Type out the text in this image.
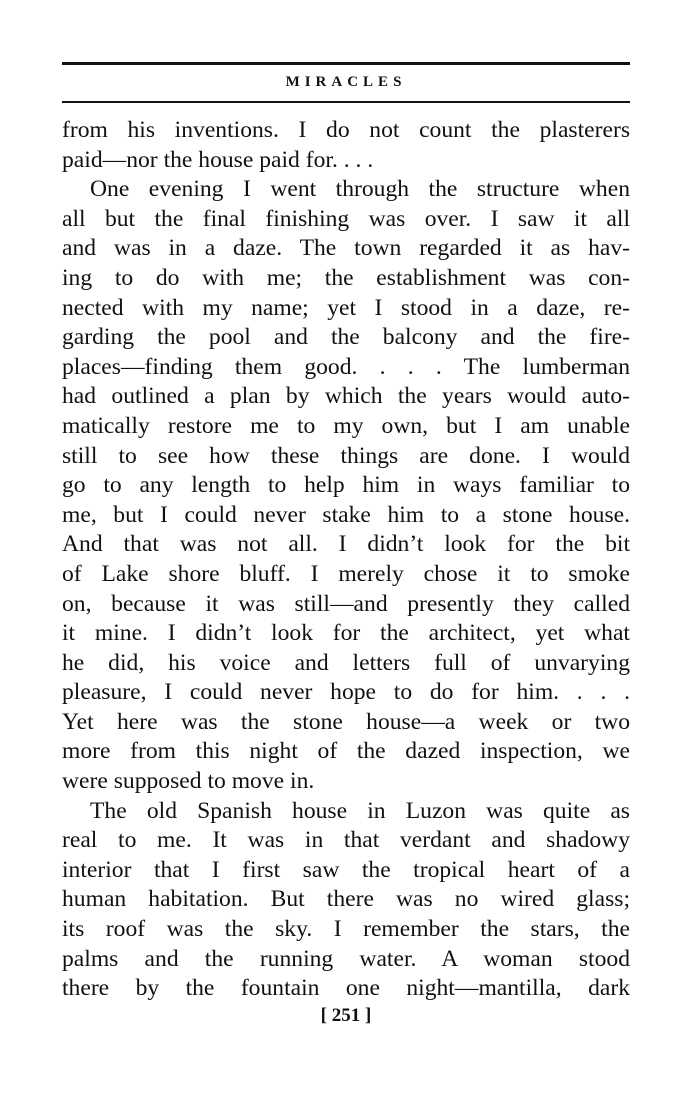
MIRACLES
from his inventions. I do not count the plasterers
paid—nor the house paid for. . . .
One evening I went through the structure when
all but the final finishing was over. I saw it all
and was in a daze. The town regarded it as hav-
ing to do with me; the establishment was con-
nected with my name; yet I stood in a daze, re-
garding the pool and the balcony and the fire-
places—finding them good. . . . The lumberman
had outlined a plan by which the years would auto-
matically restore me to my own, but I am unable
still to see how these things are done. I would
go to any length to help him in ways familiar to
me, but I could never stake him to a stone house.
And that was not all. I didn’t look for the bit
of Lake shore bluff. I merely chose it to smoke
on, because it was still—and presently they called
it mine. I didn’t look for the architect, yet what
he did, his voice and letters full of unvarying
pleasure, I could never hope to do for him. . . .
Yet here was the stone house—a week or two
more from this night of the dazed inspection, we
were supposed to move in.
The old Spanish house in Luzon was quite as
real to me. It was in that verdant and shadowy
interior that I first saw the tropical heart of a
human habitation. But there was no wired glass;
its roof was the sky. I remember the stars, the
palms and the running water. A woman stood
there by the fountain one night—mantilla, dark
[ 251 ]
